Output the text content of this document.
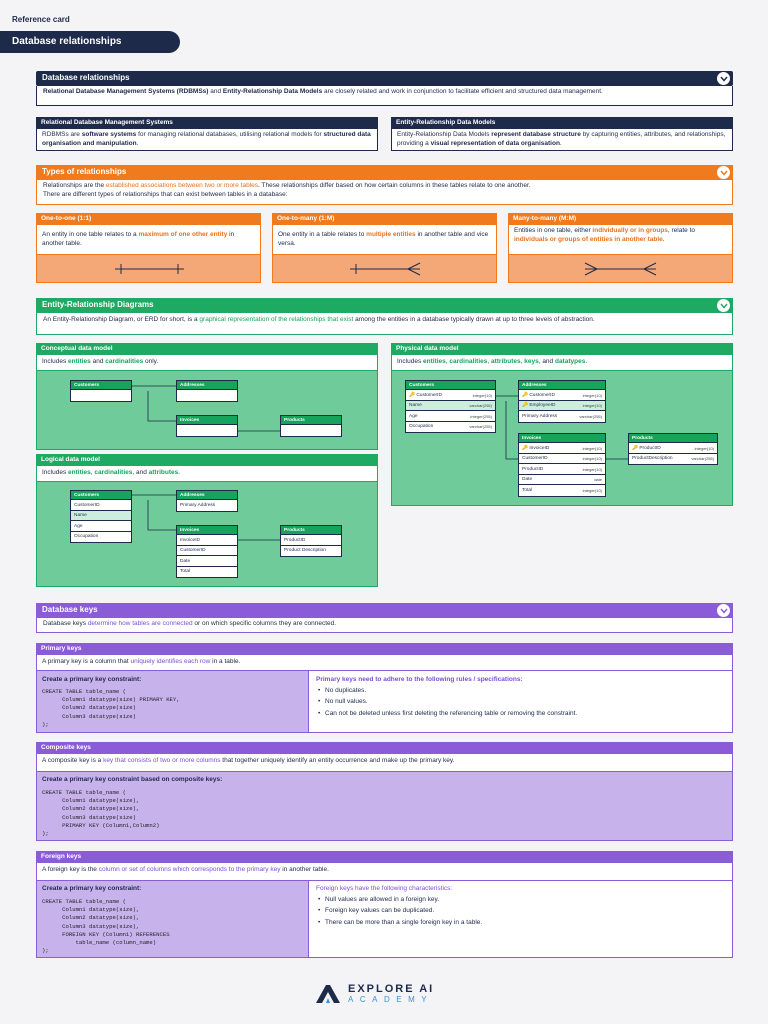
Reference card
Database relationships
Database relationships
Relational Database Management Systems (RDBMSs) and Entity-Relationship Data Models are closely related and work in conjunction to facilitate efficient and structured data management.
Relational Database Management Systems
RDBMSs are software systems for managing relational databases, utilising relational models for structured data organisation and manipulation.
Entity-Relationship Data Models
Entity-Relationship Data Models represent database structure by capturing entities, attributes, and relationships, providing a visual representation of data organisation.
Types of relationships
Relationships are the established associations between two or more tables. These relationships differ based on how certain columns in these tables relate to one another.
There are different types of relationships that can exist between tables in a database:
One-to-one (1:1)
An entity in one table relates to a maximum of one other entity in another table.
One-to-many (1:M)
One entity in a table relates to multiple entities in another table and vice versa.
Many-to-many (M:M)
Entities in one table, either individually or in groups, relate to individuals or groups of entities in another table.
Entity-Relationship Diagrams
An Entity-Relationship Diagram, or ERD for short, is a graphical representation of the relationships that exist among the entities in a database typically drawn at up to three levels of abstraction.
Conceptual data model
Includes entities and cardinalities only.
Customers	Addresses
Invoices	Products
Logical data model
Includes entities, cardinalities, and attributes.
Customers
CustomerID
Name
Age
Occupation
Addresses
Primary Address
Invoices
InvoiceID
CustomerID
Date
Total
Products
ProductID
Product Description
Physical data model
Includes entities, cardinalities, attributes, keys, and datatypes.
Customers
🔑 CustomerID	integer(10)
Name	varchar(255)
Age	integer(255)
Occupation	varchar(255)
Addresses
🔑 CustomerID	integer(10)
🔑 EmployeeID	integer(10)
Primary Address	varchar(255)
Invoices
🔑 InvoiceID	integer(10)
CustomerID	integer(10)
ProductID	integer(10)
Date	date
Total	integer(10)
Products
🔑 ProductID	integer(10)
ProductDescription	varchar(255)
Database keys
Database keys determine how tables are connected or on which specific columns they are connected.
Primary keys
A primary key is a column that uniquely identifies each row in a table.
Create a primary key constraint:
CREATE TABLE table_name (
Column1 datatype(size) PRIMARY KEY,
Column2 datatype(size)
Column3 datatype(size)
);
Primary keys need to adhere to the following rules / specifications:
• No duplicates.
• No null values.
• Can not be deleted unless first deleting the referencing table or removing the constraint.
Composite keys
A composite key is a key that consists of two or more columns that together uniquely identify an entity occurrence and make up the primary key.
Create a primary key constraint based on composite keys:
CREATE TABLE table_name (
Column1 datatype(size),
Column2 datatype(size),
Column3 datatype(size)
PRIMARY KEY (Column1,Column2)
);
Foreign keys
A foreign key is the column or set of columns which corresponds to the primary key in another table.
Create a primary key constraint:
CREATE TABLE table_name (
Column1 datatype(size),
Column2 datatype(size),
Column3 datatype(size),
FOREIGN KEY (Column1) REFERENCES
table_name (column_name)
);
Foreign keys have the following characteristics:
• Null values are allowed in a foreign key.
• Foreign key values can be duplicated.
• There can be more than a single foreign key in a table.
EXPLORE AI
ACADEMY
